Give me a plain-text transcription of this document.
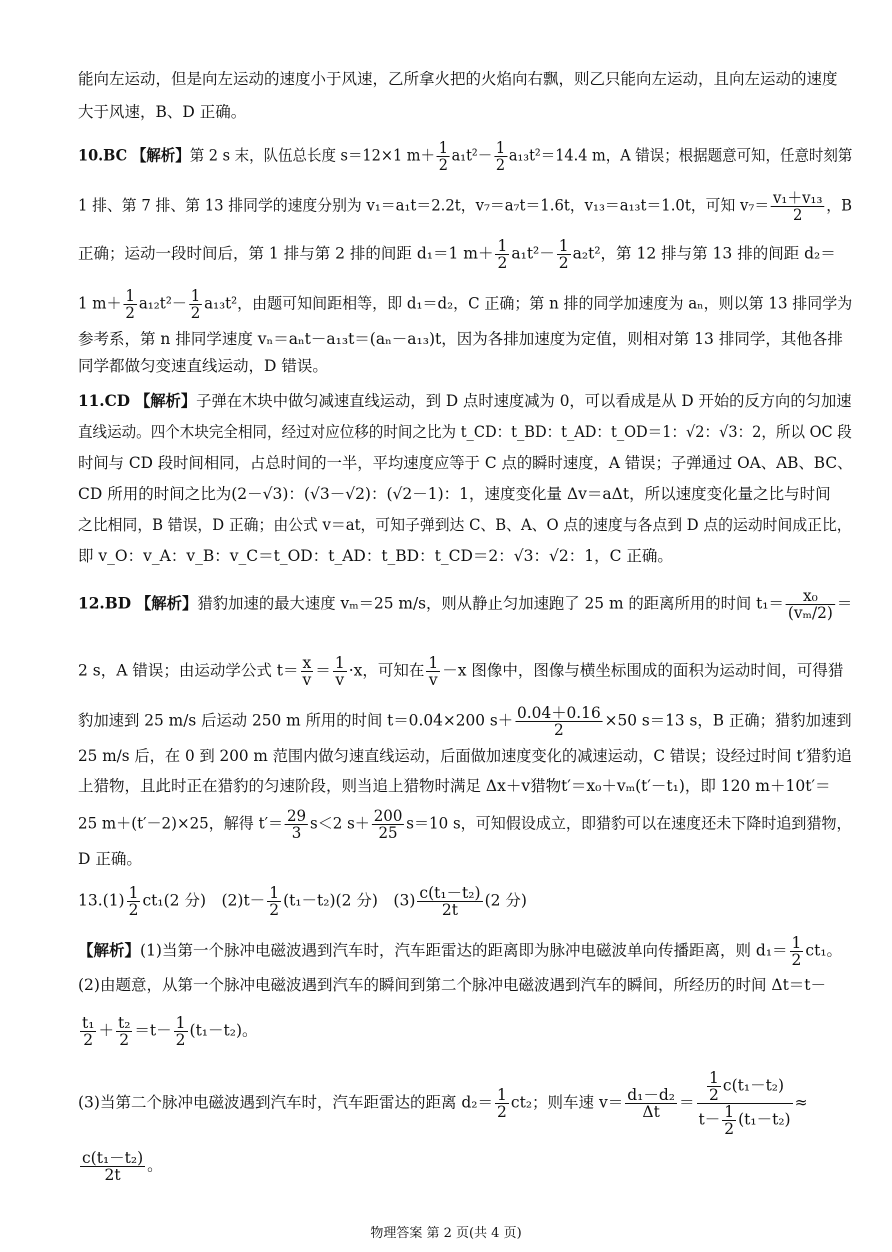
能向左运动，但是向左运动的速度小于风速，乙所拿火把的火焰向右飘，则乙只能向左运动，且向左运动的速度
大于风速，B、D 正确。
10.BC 【解析】第 2 s 末，队伍总长度 s＝12×1 $m+ \frac{1}{2} a_1t^2- \frac{1}{2} a_{13}t^2=14.4$ m，A 错误；根据题意可知，任意时刻第
1 排、第 7 排、第 13 排同学的速度分别为 v₁＝a₁t＝2.2t，v₇＝a₇t＝1.6t，v₁₃＝a₁₃t＝1.0t，可知 $v_7= \frac{\text{v₁＋v₁₃}}{2}$ ，B
正确；运动一段时间后，第 1 排与第 2 排的间距 d₁＝1 $m+ \frac{1}{2} a_1t^2- \frac{1}{2} a_2t^2$，第 12 排与第 13 排的间距 d₂＝
1 $m+ \frac{1}{2} a_{12}t^2- \frac{1}{2} a_{13}t^2$，由题可知间距相等，即 d₁＝d₂，C 正确；第 n 排的同学加速度为 aₙ，则以第 13 排同学为
参考系，第 n 排同学速度 vₙ＝aₙt－a₁₃t＝(aₙ－a₁₃)t，因为各排加速度为定值，则相对第 13 排同学，其他各排
同学都做匀变速直线运动，D 错误。
11.CD 【解析】子弹在木块中做匀减速直线运动，到 D 点时速度减为 0，可以看成是从 D 开始的反方向的匀加速
直线运动。四个木块完全相同，经过对应位移的时间之比为 t_CD：t_BD：t_AD：t_OD＝1：√2：√3：2，所以 OC 段
时间与 CD 段时间相同，占总时间的一半，平均速度应等于 C 点的瞬时速度，A 错误；子弹通过 OA、AB、BC、
CD 所用的时间之比为(2－√3)：(√3－√2)：(√2－1)：1，速度变化量 Δv＝aΔt，所以速度变化量之比与时间
之比相同，B 错误，D 正确；由公式 v＝at，可知子弹到达 C、B、A、O 点的速度与各点到 D 点的运动时间成正比，
即 v_O：v_A：v_B：v_C＝t_OD：t_AD：t_BD：t_CD＝2：√3：√2：1，C 正确。
12.BD 【解析】猎豹加速的最大速度 vₘ＝25 m/s，则从静止匀加速跑了 25 m 的距离所用的时间 $t_1= \frac{\text{x₀}}{\text{(vₘ/2)}}$ ＝
2 s，A 错误；由运动学公式 $t= \frac{x}{v} = \frac{1}{v} \cdot x$，可知在 $\frac{1}{v} -x$ 图像中，图像与横坐标围成的面积为运动时间，可得猎
豹加速到 25 m/s 后运动 250 m 所用的时间 t＝0.04×200 $s+ \frac{0.04+0.16}{2} \times 50$ s＝13 s，B 正确；猎豹加速到
25 m/s 后，在 0 到 200 m 范围内做匀速直线运动，后面做加速度变化的减速运动，C 错误；设经过时间 t′猎豹追
上猎物，且此时正在猎豹的匀速阶段，则当追上猎物时满足 Δx＋v猎物t′＝x₀＋vₘ(t′－t₁)，即 120 m＋10t′＝
25 m＋(t′－2)×25，解得 $t'= \frac{29}{3} s<2$ $s+ \frac{200}{25} s=10$ s，可知假设成立，即猎豹可以在速度还未下降时追到猎物，
D 正确。
$13.(1) \frac{1}{2} ct_1(2$ 分)　$(2)t- \frac{1}{2} (t_1-t_2)(2$ 分)　$(3) \frac{\text{c(t₁－t₂)}}{2t} (2$ 分)
【解析】(1)当第一个脉冲电磁波遇到汽车时，汽车距雷达的距离即为脉冲电磁波单向传播距离，则 $d_1= \frac{1}{2} ct_1$。
(2)由题意，从第一个脉冲电磁波遇到汽车的瞬间到第二个脉冲电磁波遇到汽车的瞬间，所经历的时间 Δt＝t－
$\frac{\text{t₁}}{2} + \frac{\text{t₂}}{2} =t- \frac{1}{2} (t_1-t_2)$。
(3)当第二个脉冲电磁波遇到汽车时，汽车距雷达的距离 $d_2= \frac{1}{2} ct_2$；则车速 $v= \frac{\text{d₁－d₂}}{\Delta t} = \frac{\frac{1}{2} c(t_1-t_2)}{t- \frac{1}{2} (t_1-t_2)}$ ≈
$\frac{\text{c(t₁－t₂)}}{2t}$ 。
物理答案 第 2 页(共 4 页)
